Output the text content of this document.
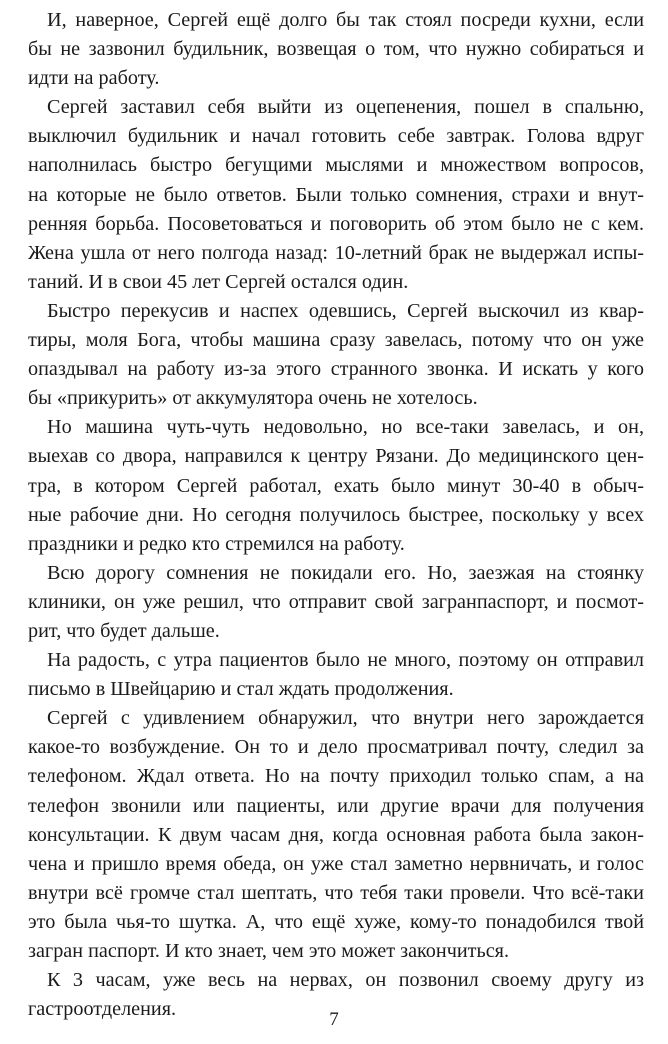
И, наверное, Сергей ещё долго бы так стоял посреди кухни, если
бы не зазвонил будильник, возвещая о том, что нужно собираться и
идти на работу.
Сергей заставил себя выйти из оцепенения, пошел в спальню,
выключил будильник и начал готовить себе завтрак. Голова вдруг
наполнилась быстро бегущими мыслями и множеством вопросов,
на которые не было ответов. Были только сомнения, страхи и внут-
ренняя борьба. Посоветоваться и поговорить об этом было не с кем.
Жена ушла от него полгода назад: 10-летний брак не выдержал испы-
таний. И в свои 45 лет Сергей остался один.
Быстро перекусив и наспех одевшись, Сергей выскочил из квар-
тиры, моля Бога, чтобы машина сразу завелась, потому что он уже
опаздывал на работу из-за этого странного звонка. И искать у кого
бы «прикурить» от аккумулятора очень не хотелось.
Но машина чуть-чуть недовольно, но все-таки завелась, и он,
выехав со двора, направился к центру Рязани. До медицинского цен-
тра, в котором Сергей работал, ехать было минут 30-40 в обыч-
ные рабочие дни. Но сегодня получилось быстрее, поскольку у всех
праздники и редко кто стремился на работу.
Всю дорогу сомнения не покидали его. Но, заезжая на стоянку
клиники, он уже решил, что отправит свой загранпаспорт, и посмот-
рит, что будет дальше.
На радость, с утра пациентов было не много, поэтому он отправил
письмо в Швейцарию и стал ждать продолжения.
Сергей с удивлением обнаружил, что внутри него зарождается
какое-то возбуждение. Он то и дело просматривал почту, следил за
телефоном. Ждал ответа. Но на почту приходил только спам, а на
телефон звонили или пациенты, или другие врачи для получения
консультации. К двум часам дня, когда основная работа была закон-
чена и пришло время обеда, он уже стал заметно нервничать, и голос
внутри всё громче стал шептать, что тебя таки провели. Что всё-таки
это была чья-то шутка. А, что ещё хуже, кому-то понадобился твой
загран паспорт. И кто знает, чем это может закончиться.
К 3 часам, уже весь на нервах, он позвонил своему другу из
гастроотделения.	7
